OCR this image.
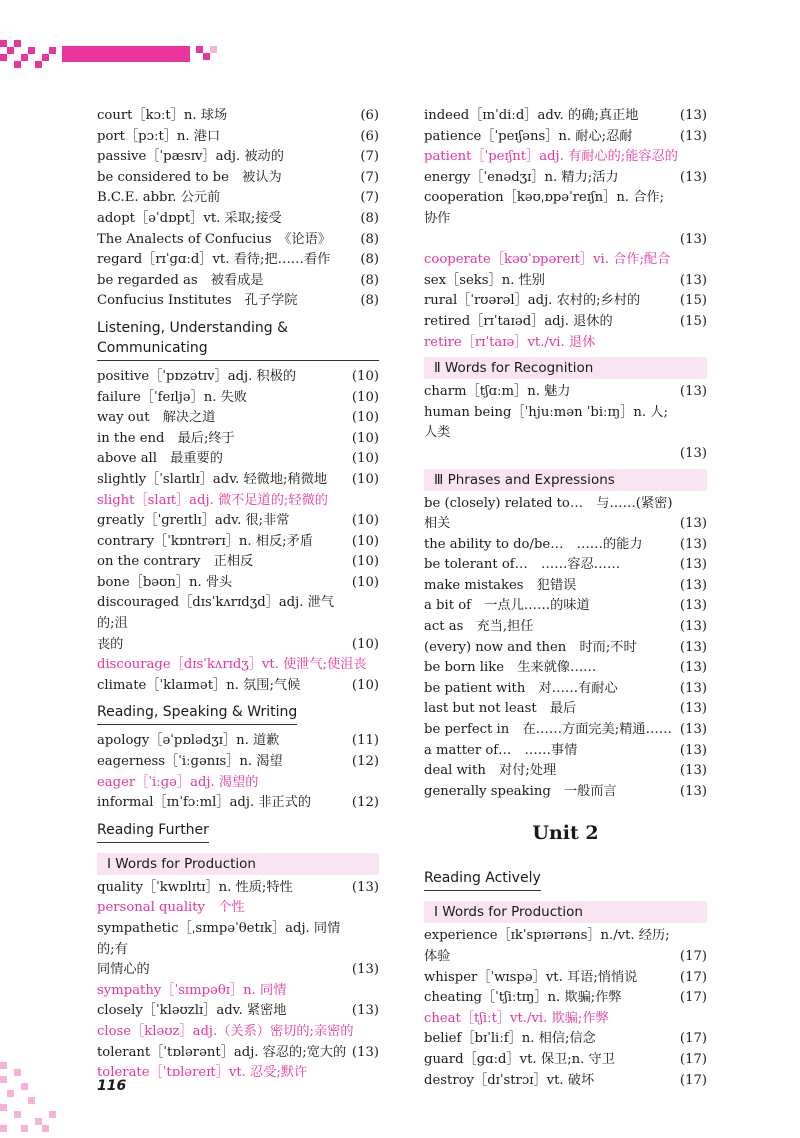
court［kɔːt］n. 球场	(6)
port［pɔːt］n. 港口	(6)
passive［ˈpæsɪv］adj. 被动的	(7)
be considered to be　被认为	(7)
B.C.E. abbr. 公元前	(7)
adopt［əˈdɒpt］vt. 采取;接受	(8)
The Analects of Confucius　《论语》 (8)
regard［rɪˈɡɑːd］vt. 看待;把……看作 (8)
be regarded as　被看成是	(8)
Confucius Institutes　孔子学院	(8)
Listening, Understanding & Communicating
positive［ˈpɒzətɪv］adj. 积极的	(10)
failure［ˈfeɪljə］n. 失败	(10)
way out　解决之道	(10)
in the end　最后;终于	(10)
above all　最重要的	(10)
slightly［ˈslaɪtlɪ］adv. 轻微地;稍微地 (10)
slight［slaɪt］adj. 微不足道的;轻微的
greatly［ˈɡreɪtlɪ］adv. 很;非常	(10)
contrary［ˈkɒntrərɪ］n. 相反;矛盾	(10)
on the contrary　正相反	(10)
bone［bəʊn］n. 骨头	(10)
discouraged［dɪsˈkʌrɪdʒd］adj. 泄气的;沮
丧的	(10)
discourage［dɪsˈkʌrɪdʒ］vt. 使泄气;使沮丧
climate［ˈklaɪmət］n. 氛围;气候	(10)
Reading, Speaking & Writing
apology［əˈpɒlədʒɪ］n. 道歉	(11)
eagerness［ˈiːɡənɪs］n. 渴望	(12)
eager［ˈiːɡə］adj. 渴望的
informal［ɪnˈfɔːml］adj. 非正式的	(12)
Reading Further
Ⅰ Words for Production
quality［ˈkwɒlɪtɪ］n. 性质;特性	(13)
personal quality　个性
sympathetic［ˌsɪmpəˈθetɪk］adj. 同情的;有
同情心的	(13)
sympathy［ˈsɪmpəθɪ］n. 同情
closely［ˈkləʊzlɪ］adv. 紧密地	(13)
close［kləʊz］adj.（关系）密切的;亲密的
tolerant［ˈtɒlərənt］adj. 容忍的;宽大的 (13)
tolerate［ˈtɒləreɪt］vt. 忍受;默许
indeed［ɪnˈdiːd］adv. 的确;真正地	(13)
patience［ˈpeɪʃəns］n. 耐心;忍耐	(13)
patient［ˈpeɪʃnt］adj. 有耐心的;能容忍的
energy［ˈenədʒɪ］n. 精力;活力	(13)
cooperation［kəʊˌɒpəˈreɪʃn］n. 合作;协作

(13)
cooperate［kəʊˈɒpəreɪt］vi. 合作;配合
sex［seks］n. 性别	(13)
rural［ˈrʊərəl］adj. 农村的;乡村的	(15)
retired［rɪˈtaɪəd］adj. 退休的	(15)
retire［rɪˈtaɪə］vt./vi. 退休
Ⅱ Words for Recognition
charm［tʃɑːm］n. 魅力	(13)
human being［ˈhjuːmən ˈbiːɪŋ］n. 人;人类

(13)
Ⅲ Phrases and Expressions
be (closely) related to…　与……(紧密)
相关	(13)
the ability to do/be…　……的能力	(13)
be tolerant of…　……容忍……	(13)
make mistakes　犯错误	(13)
a bit of　一点儿……的味道	(13)
act as　充当,担任	(13)
(every) now and then　时而;不时	(13)
be born like　生来就像……	(13)
be patient with　对……有耐心	(13)
last but not least　最后	(13)
be perfect in　在……方面完美;精通…… (13)
a matter of…　……事情	(13)
deal with　对付;处理	(13)
generally speaking　一般而言	(13)
Unit 2
Reading Actively
Ⅰ Words for Production
experience［ɪkˈspɪərɪəns］n./vt. 经历;
体验	(17)
whisper［ˈwɪspə］vt. 耳语;悄悄说	(17)
cheating［ˈtʃiːtɪŋ］n. 欺骗;作弊	(17)
cheat［tʃiːt］vt./vi. 欺骗;作弊
belief［bɪˈliːf］n. 相信;信念	(17)
guard［ɡɑːd］vt. 保卫;n. 守卫	(17)
destroy［dɪˈstrɔɪ］vt. 破坏	(17)
116
